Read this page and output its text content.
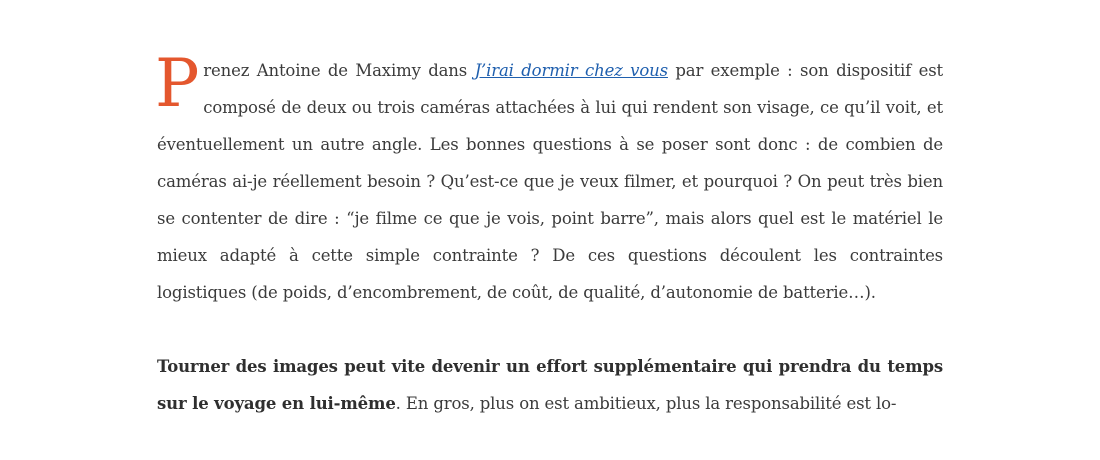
Prenez Antoine de Maximy dans J’irai dormir chez vous par exemple : son dispositif est composé de deux ou trois caméras attachées à lui qui rendent son visage, ce qu’il voit, et éventuellement un autre angle. Les bonnes questions à se poser sont donc : de combien de caméras ai-je réellement besoin ? Qu’est-ce que je veux filmer, et pourquoi ? On peut très bien se contenter de dire : “je filme ce que je vois, point barre”, mais alors quel est le matériel le mieux adapté à cette simple contrainte ? De ces questions découlent les contraintes logistiques (de poids, d’encombrement, de coût, de qualité, d’autonomie de batterie…).

Tourner des images peut vite devenir un effort supplémentaire qui prendra du temps sur le voyage en lui-même. En gros, plus on est ambitieux, plus la responsabilité est lo-
